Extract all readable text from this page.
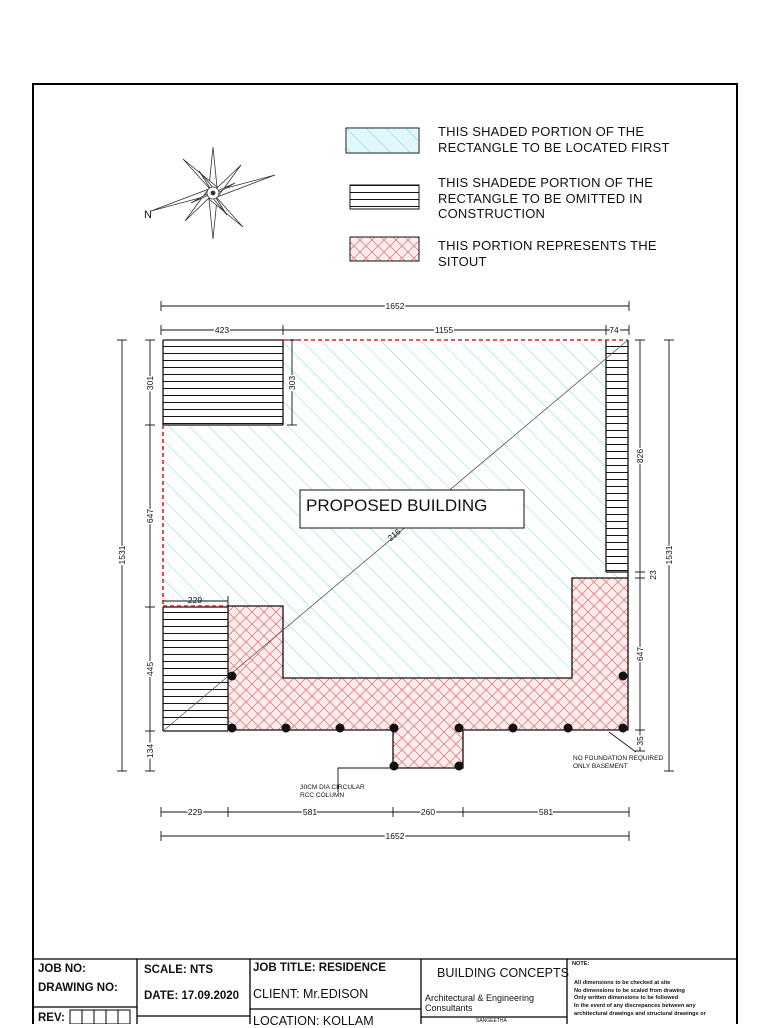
1652
423	1155	74
1531
301	303
647
445
134
229
826
23
647
35
1531
229	581	260	581
1652
216
PROPOSED BUILDING
N
THIS SHADED PORTION OF THE
RECTANGLE TO BE LOCATED FIRST
THIS SHADEDE PORTION OF THE
RECTANGLE TO BE OMITTED IN
CONSTRUCTION
THIS PORTION REPRESENTS THE
SITOUT
30CM DIA CIRCULAR
RCC COLUMN
NO FOUNDATION REQUIRED
ONLY BASEMENT
JOB NO:
DRAWING NO:
REV:
SCALE: NTS
DATE: 17.09.2020
JOB TITLE: RESIDENCE
CLIENT: Mr.EDISON
LOCATION: KOLLAM
BUILDING CONCEPTS
Architectural & Engineering
Consultants
SANGEETHA
NOTE:
All dimensions to be checked at site
No dimensions to be scaled from drawing
Only written dimensions to be followed
In the event of any discrepances between any
architectural drawings and structural drawings or
